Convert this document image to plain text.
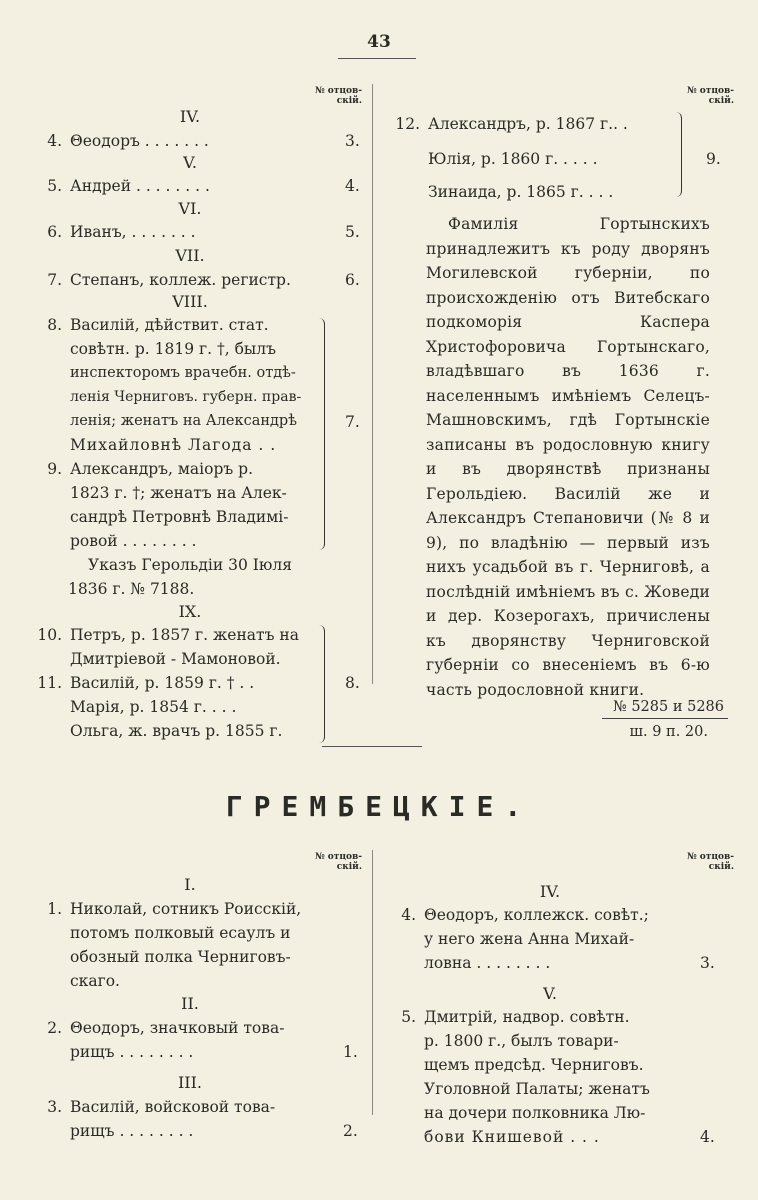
43
№ отцов-
скій.
IV.
4. Θеодоръ . . . . . . .	3.
V.
5. Андрей . . . . . . . .	4.
VI.
6. Иванъ, . . . . . . .	5.
VII.
7. Степанъ, коллеж. регистр.	6.
VIII.
8. Василій, дѣйствит. стат.
совѣтн. р. 1819 г. †, былъ
инспекторомъ врачебн. отдѣ-
ленія Черниговъ. губерн. прав-
ленія; женатъ на Александрѣ
Михайловнѣ Лагода . .
9. Александръ, маіоръ р.
1823 г. †; женатъ на Алек-
сандрѣ Петровнѣ Владимі-
ровой . . . . . . . .
7.
Указъ Герольдіи 30 Іюля
1836 г. № 7188.
IX.
10. Петръ, р. 1857 г. женатъ на
Дмитріевой - Мамоновой.
11. Василій, р. 1859 г. † . .
Марія, р. 1854 г. . . .
Ольга, ж. врачъ р. 1855 г.
8.
№ отцов-
скій.
12. Александръ, р. 1867 г.. .
Юлія, р. 1860 г. . . . .
Зинаида, р. 1865 г. . . .
9.
Фамилія Гортынскихъ принадлежитъ къ роду дворянъ Могилевской губерніи, по происхожденію отъ Витебскаго подкоморія Каспера Христофоровича Гортынскаго, владѣвшаго въ 1636 г. населеннымъ имѣніемъ Селецъ-Машновскимъ, гдѣ Гортынскіе записаны въ родословную книгу и въ дворянствѣ признаны Герольдіею. Василій же и Александръ Степановичи (№ 8 и 9), по владѣнію — первый изъ нихъ усадьбой въ г. Черниговѣ, а послѣдній имѣніемъ въ с. Жоведи и дер. Козерогахъ, причислены къ дворянству Черниговской губерніи со внесеніемъ въ 6-ю часть родословной книги.
№ 5285 и 5286
ш. 9 п. 20.
ГРЕМБЕЦКІЕ.
№ отцов-
скій.
I.
1. Николай, сотникъ Роисскій,
потомъ полковый есаулъ и
обозный полка Черниговъ-
скаго.
II.
2. Θеодоръ, значковый това-
рищъ . . . . . . . .	1.
III.
3. Василій, войсковой това-
рищъ . . . . . . . .	2.
№ отцов-
скій.
IV.
4. Θеодоръ, коллежск. совѣт.;
у него жена Анна Михай-
ловна . . . . . . . .	3.
V.
5. Дмитрій, надвор. совѣтн.
р. 1800 г., былъ товари-
щемъ предсѣд. Черниговъ.
Уголовной Палаты; женатъ
на дочери полковника Лю-
бови Книшевой . . .	4.
